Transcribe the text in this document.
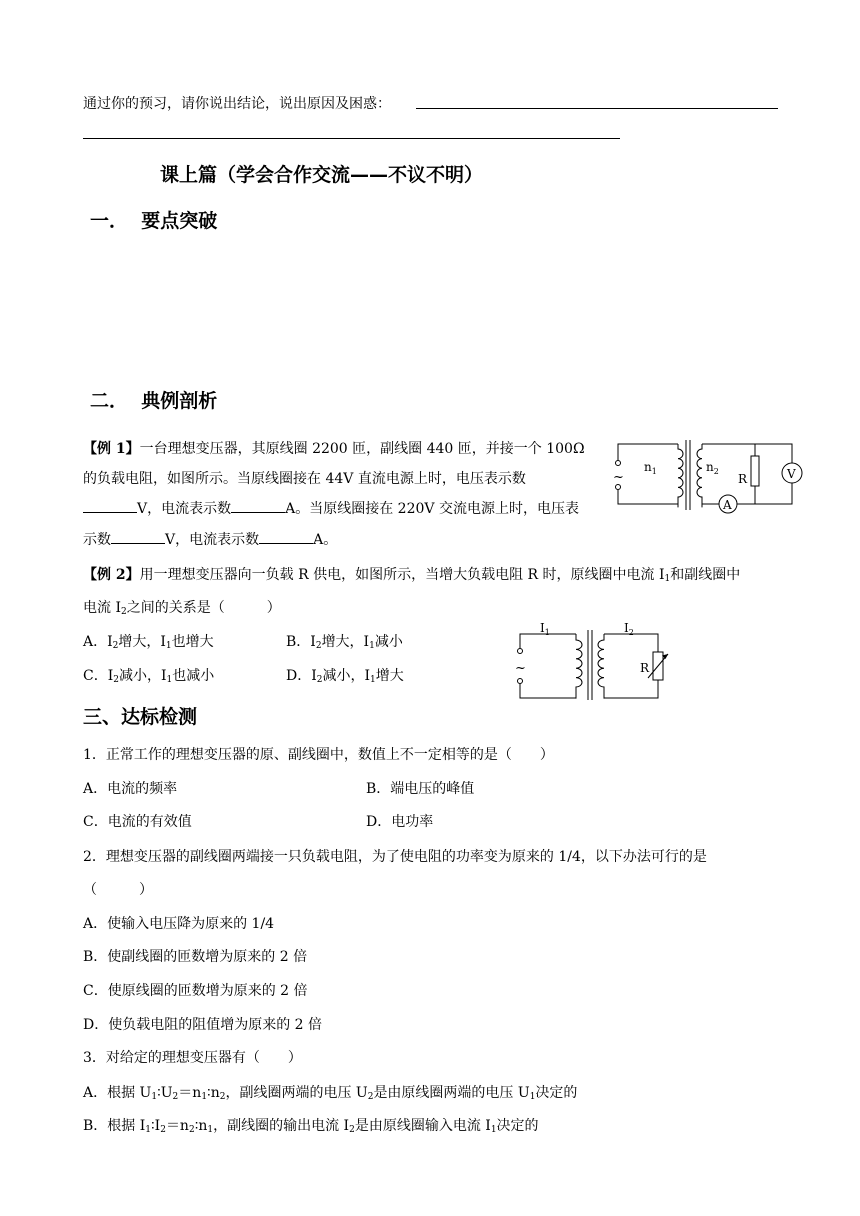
通过你的预习，请你说出结论，说出原因及困惑：
课上篇（学会合作交流——不议不明）
一． 要点突破
二． 典例剖析
【例 1】一台理想变压器，其原线圈 2200 匝，副线圈 440 匝，并接一个 100Ω
的负载电阻，如图所示。当原线圈接在 44V 直流电源上时，电压表示数
V，电流表示数	A。当原线圈接在 220V 交流电源上时，电压表
示数	V，电流表示数	A。
~
$n_1$	$n_2$
R	V
A
【例 2】用一理想变压器向一负载 R 供电，如图所示，当增大负载电阻 R 时，原线圈中电流 $I_1$和副线圈中
电流 $I_2$之间的关系是（　　　）
A．$I_2$增大，$I_1$也增大	B．$I_2$增大，$I_1$减小
C．$I_2$减小，$I_1$也减小	D．$I_2$减小，$I_1$增大	~
$I_1$	$I_2$
R
三、达标检测
1．正常工作的理想变压器的原、副线圈中，数值上不一定相等的是（　　）
A．电流的频率	B．端电压的峰值
C．电流的有效值	D．电功率
2．理想变压器的副线圈两端接一只负载电阻，为了使电阻的功率变为原来的 1/4，以下办法可行的是
（　　　）
A．使输入电压降为原来的 1/4
B．使副线圈的匝数增为原来的 2 倍
C．使原线圈的匝数增为原来的 2 倍
D．使负载电阻的阻值增为原来的 2 倍
3．对给定的理想变压器有（　　）
A．根据 $U_1∶U_2=n_1∶n_2$，副线圈两端的电压 $U_2$是由原线圈两端的电压 $U_1$决定的
B．根据 $I_1∶I_2=n_2∶n_1$，副线圈的输出电流 $I_2$是由原线圈输入电流 $I_1$决定的
